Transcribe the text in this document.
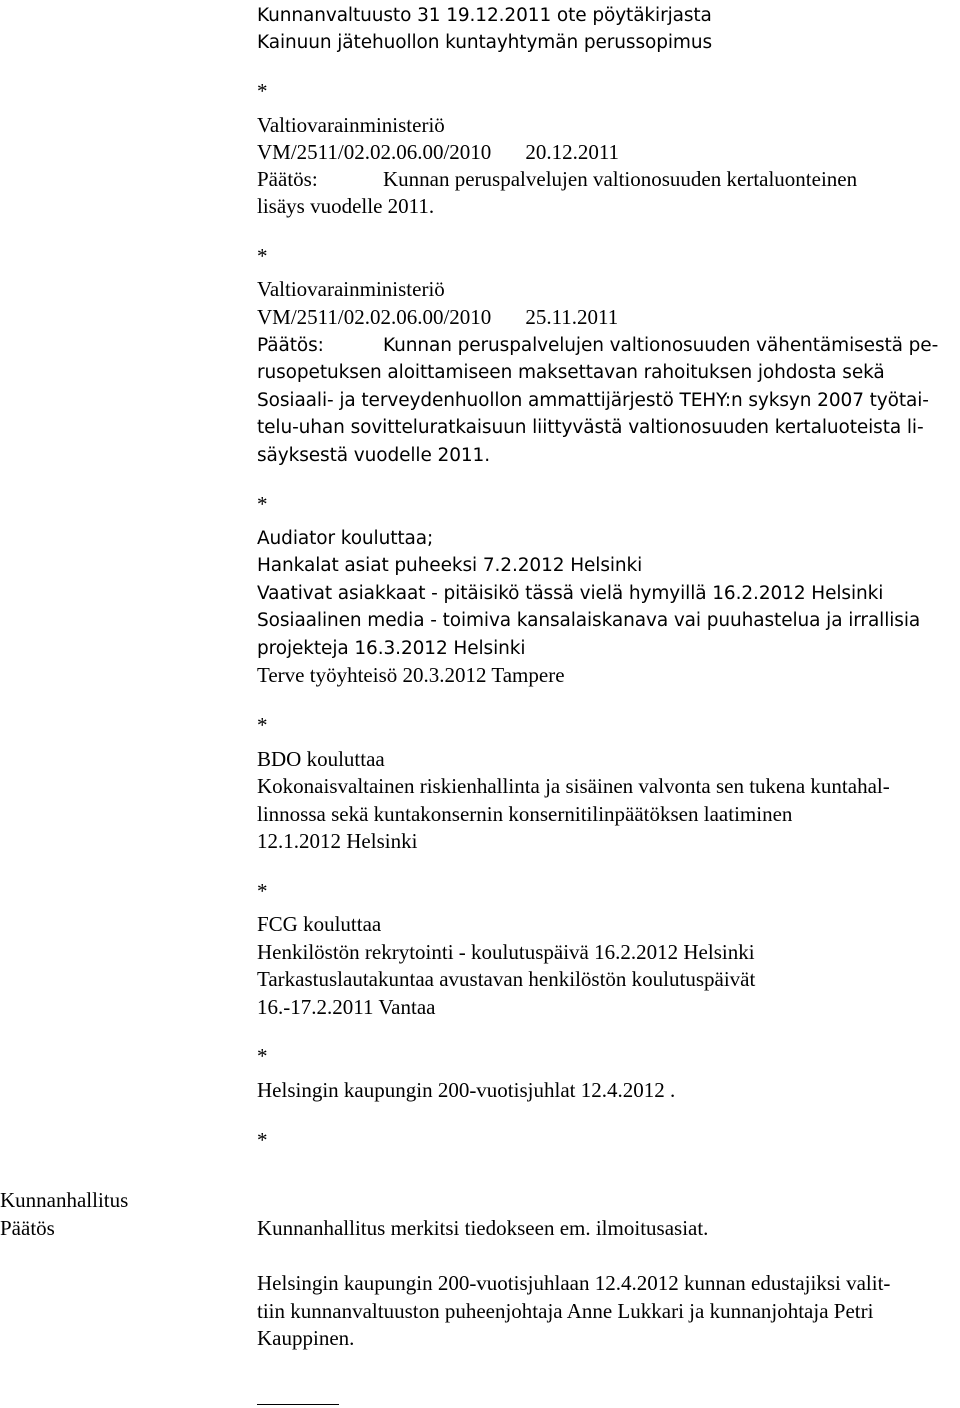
Kunnanvaltuusto 31 19.12.2011 ote pöytäkirjasta
Kainuun jätehuollon kuntayhtymän perussopimus
*
Valtiovarainministeriö
VM/2511/02.02.06.00/2010 20.12.2011
Päätös:	Kunnan peruspalvelujen valtionosuuden kertaluonteinen
lisäys vuodelle 2011.
*
Valtiovarainministeriö
VM/2511/02.02.06.00/2010 25.11.2011
Päätös:	Kunnan peruspalvelujen valtionosuuden vähentämisestä pe-
rusopetuksen aloittamiseen maksettavan rahoituksen johdosta sekä
Sosiaali- ja terveydenhuollon ammattijärjestö TEHY:n syksyn 2007 työtai-
telu-uhan sovitteluratkaisuun liittyvästä valtionosuuden kertaluoteista li-
säyksestä vuodelle 2011.
*
Audiator kouluttaa;
Hankalat asiat puheeksi 7.2.2012 Helsinki
Vaativat asiakkaat - pitäisikö tässä vielä hymyillä 16.2.2012 Helsinki
Sosiaalinen media - toimiva kansalaiskanava vai puuhastelua ja irrallisia
projekteja 16.3.2012 Helsinki
Terve työyhteisö 20.3.2012 Tampere
*
BDO kouluttaa
Kokonaisvaltainen riskienhallinta ja sisäinen valvonta sen tukena kuntahal-
linnossa sekä kuntakonsernin konsernitilinpäätöksen laatiminen
12.1.2012 Helsinki
*
FCG kouluttaa
Henkilöstön rekrytointi - koulutuspäivä 16.2.2012 Helsinki
Tarkastuslautakuntaa avustavan henkilöstön koulutuspäivät
16.-17.2.2011 Vantaa
*
Helsingin kaupungin 200-vuotisjuhlat 12.4.2012 .
*
Kunnanhallitus
Päätös	Kunnanhallitus merkitsi tiedokseen em. ilmoitusasiat.
Helsingin kaupungin 200-vuotisjuhlaan 12.4.2012 kunnan edustajiksi valit-
tiin kunnanvaltuuston puheenjohtaja Anne Lukkari ja kunnanjohtaja Petri
Kauppinen.
